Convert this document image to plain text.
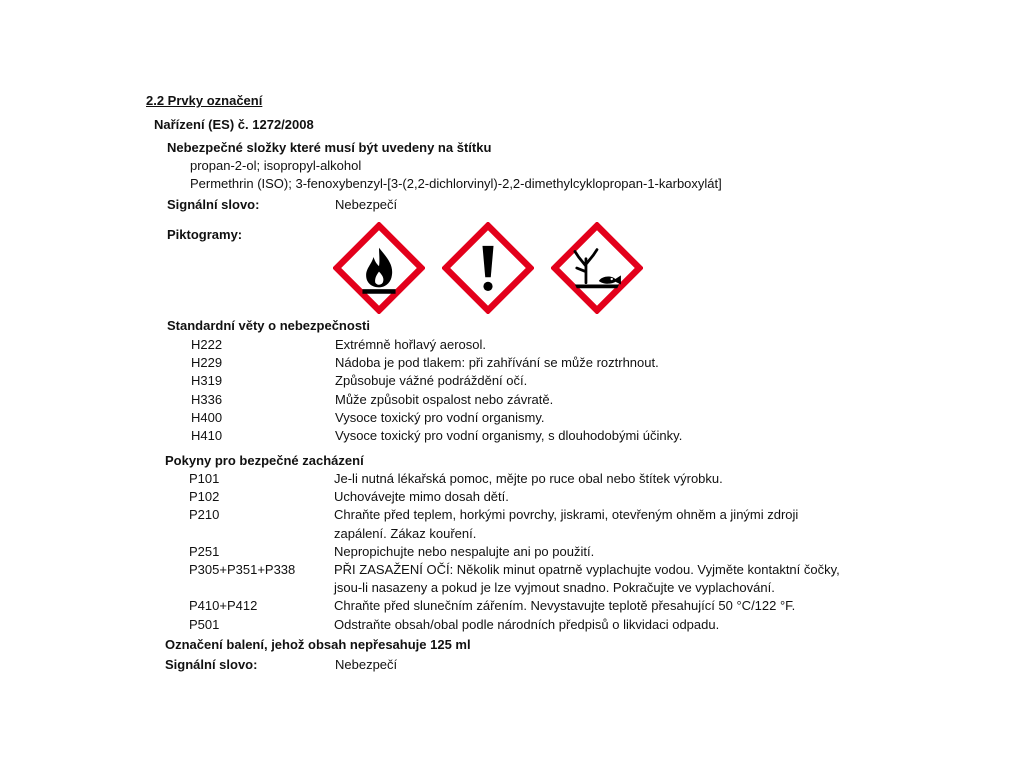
2.2 Prvky označení
Nařízení (ES) č. 1272/2008
Nebezpečné složky které musí být uvedeny na štítku
propan-2-ol; isopropyl-alkohol
Permethrin (ISO); 3-fenoxybenzyl-[3-(2,2-dichlorvinyl)-2,2-dimethylcyklopropan-1-karboxylát]
Signální slovo:	Nebezpečí
Piktogramy:
Standardní věty o nebezpečnosti
H222	Extrémně hořlavý aerosol.
H229	Nádoba je pod tlakem: při zahřívání se může roztrhnout.
H319	Způsobuje vážné podráždění očí.
H336	Může způsobit ospalost nebo závratě.
H400	Vysoce toxický pro vodní organismy.
H410	Vysoce toxický pro vodní organismy, s dlouhodobými účinky.
Pokyny pro bezpečné zacházení
P101	Je-li nutná lékařská pomoc, mějte po ruce obal nebo štítek výrobku.
P102	Uchovávejte mimo dosah dětí.
P210	Chraňte před teplem, horkými povrchy, jiskrami, otevřeným ohněm a jinými zdroji
zapálení. Zákaz kouření.
P251	Nepropichujte nebo nespalujte ani po použití.
P305+P351+P338	PŘI ZASAŽENÍ OČÍ: Několik minut opatrně vyplachujte vodou. Vyjměte kontaktní čočky,
jsou-li nasazeny a pokud je lze vyjmout snadno. Pokračujte ve vyplachování.
P410+P412	Chraňte před slunečním zářením. Nevystavujte teplotě přesahující 50 °C/122 °F.
P501	Odstraňte obsah/obal podle národních předpisů o likvidaci odpadu.
Označení balení, jehož obsah nepřesahuje 125 ml
Signální slovo:	Nebezpečí
